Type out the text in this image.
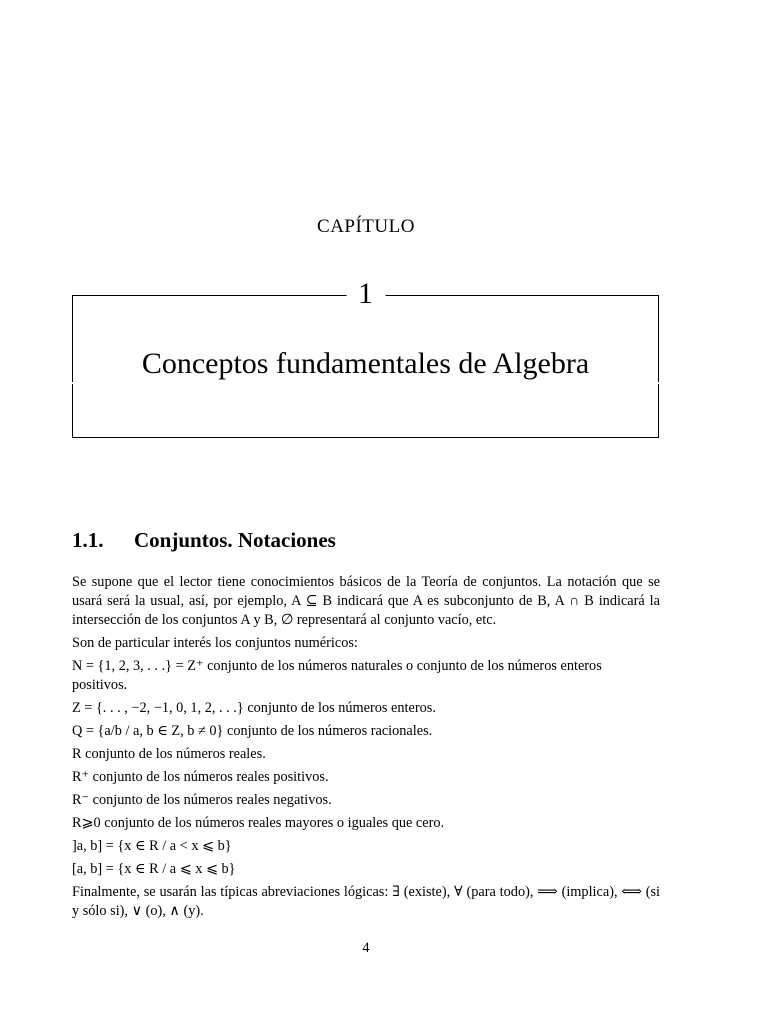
CAPÍTULO
1
Conceptos fundamentales de Algebra
1.1. Conjuntos. Notaciones

Se supone que el lector tiene conocimientos básicos de la Teoría de conjuntos. La notación que se usará será la usual, así, por ejemplo, A ⊆ B indicará que A es subconjunto de B, A ∩ B indicará la intersección de los conjuntos A y B, ∅ representará al conjunto vacío, etc.

Son de particular interés los conjuntos numéricos:

N = {1, 2, 3, . . .} = Z⁺ conjunto de los números naturales o conjunto de los números enteros positivos.
Z = {. . . , −2, −1, 0, 1, 2, . . .} conjunto de los números enteros.
Q = {a/b / a, b ∈ Z, b ≠ 0} conjunto de los números racionales.
R conjunto de los números reales.
R⁺ conjunto de los números reales positivos.
R⁻ conjunto de los números reales negativos.
R⩾0 conjunto de los números reales mayores o iguales que cero.
]a, b] = {x ∈ R / a < x ⩽ b}
[a, b] = {x ∈ R / a ⩽ x ⩽ b}
Finalmente, se usarán las típicas abreviaciones lógicas: ∃ (existe), ∀ (para todo), ⟹ (implica), ⟺ (si y sólo si), ∨ (o), ∧ (y).
4
